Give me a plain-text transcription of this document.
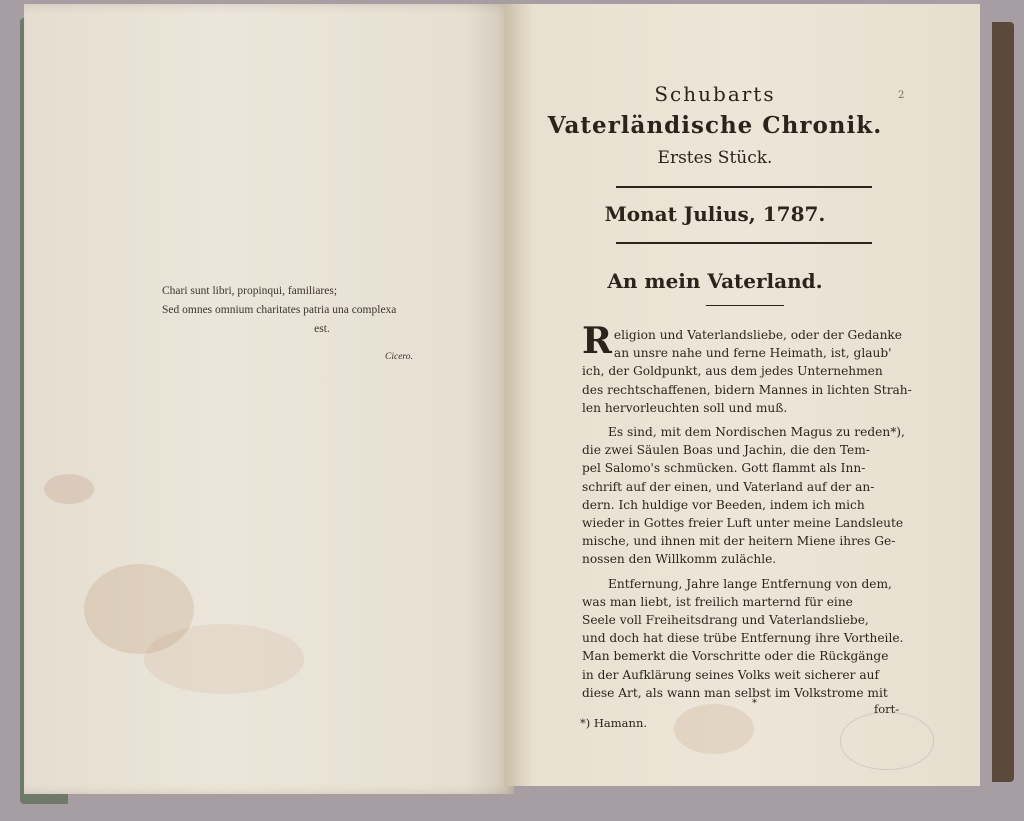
Chari sunt libri, propinqui, familiares;
Sed omnes omnium charitates patria una complexa
est.
Cicero.
2
Schubarts
Vaterländische Chronik.
Erstes Stück.
Monat Julius, 1787.
An mein Vaterland.
R eligion und Vaterlandsliebe, oder der Gedanke
an unsre nahe und ferne Heimath, ist, glaub'
ich, der Goldpunkt, aus dem jedes Unternehmen
des rechtschaffenen, bidern Mannes in lichten Strah-
len hervorleuchten soll und muß.
Es sind, mit dem Nordischen Magus zu reden*),
die zwei Säulen Boas und Jachin, die den Tem-
pel Salomo's schmücken. Gott flammt als Inn-
schrift auf der einen, und Vaterland auf der an-
dern. Ich huldige vor Beeden, indem ich mich
wieder in Gottes freier Luft unter meine Landsleute
mische, und ihnen mit der heitern Miene ihres Ge-
nossen den Willkomm zulächle.
Entfernung, Jahre lange Entfernung von dem,
was man liebt, ist freilich marternd für eine
Seele voll Freiheitsdrang und Vaterlandsliebe,
und doch hat diese trübe Entfernung ihre Vortheile.
Man bemerkt die Vorschritte oder die Rückgänge
in der Aufklärung seines Volks weit sicherer auf
diese Art, als wann man selbst im Volkstrome mit
fort-
*
*) Hamann.
